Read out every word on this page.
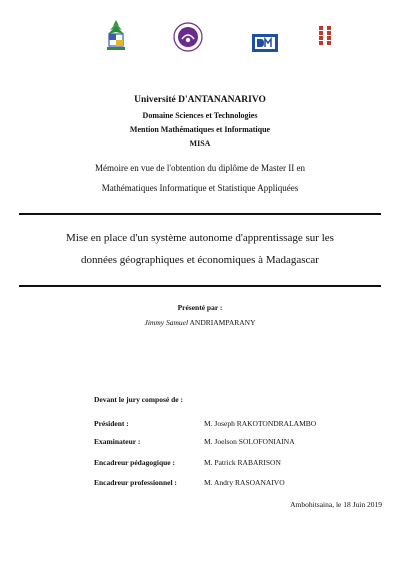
Université D'ANTANANARIVO
Domaine Sciences et Technologies
Mention Mathématiques et Informatique
MISA
Mémoire en vue de l'obtention du diplôme de Master II en
Mathématiques Informatique et Statistique Appliquées
Mise en place d'un système autonome d'apprentissage sur les
données géographiques et économiques à Madagascar
Présenté par :
Jimmy Samuel ANDRIAMPARANY
Devant le jury composé de :
Président :	M. Joseph RAKOTONDRALAMBO
Examinateur :	M. Joelson SOLOFONIAINA
Encadreur pédagogique :	M. Patrick RABARISON
Encadreur professionnel :	M. Andry RASOANAIVO
Ambohitsaina, le 18 Juin 2019
